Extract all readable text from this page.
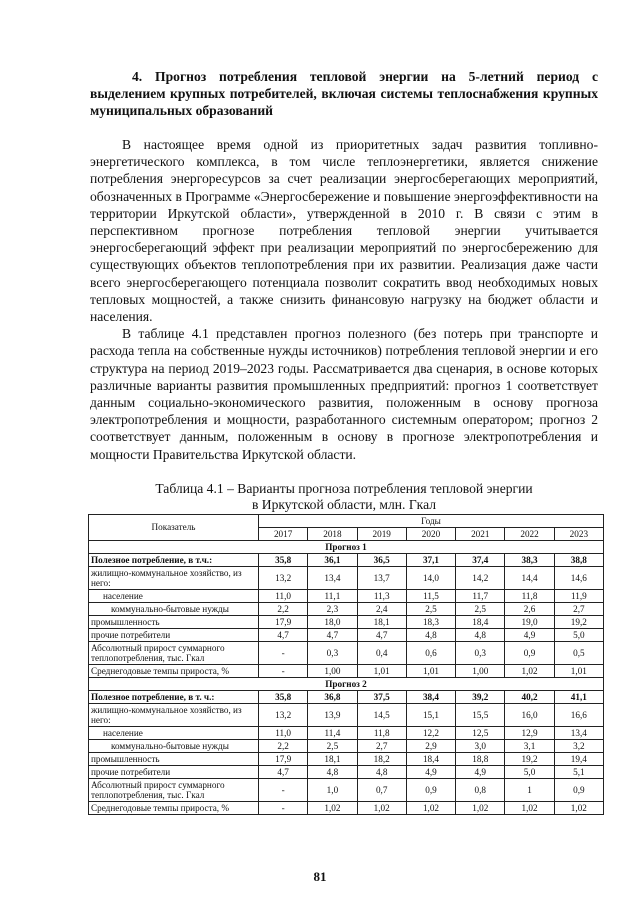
4. Прогноз потребления тепловой энергии на 5-летний период с выделением крупных потребителей, включая системы теплоснабжения крупных муниципальных образований

В настоящее время одной из приоритетных задач развития топливно-энергетического комплекса, в том числе теплоэнергетики, является снижение потребления энергоресурсов за счет реализации энергосберегающих мероприятий, обозначенных в Программе «Энергосбережение и повышение энергоэффективности на территории Иркутской области», утвержденной в 2010 г. В связи с этим в перспективном прогнозе потребления тепловой энергии учитывается энергосберегающий эффект при реализации мероприятий по энергосбережению для существующих объектов теплопотребления при их развитии. Реализация даже части всего энергосберегающего потенциала позволит сократить ввод необходимых новых тепловых мощностей, а также снизить финансовую нагрузку на бюджет области и населения.

В таблице 4.1 представлен прогноз полезного (без потерь при транспорте и расхода тепла на собственные нужды источников) потребления тепловой энергии и его структура на период 2019–2023 годы. Рассматривается два сценария, в основе которых различные варианты развития промышленных предприятий: прогноз 1 соответствует данным социально-экономического развития, положенным в основу прогноза электропотребления и мощности, разработанного системным оператором; прогноз 2 соответствует данным, положенным в основу в прогнозе электропотребления и мощности Правительства Иркутской области.

Таблица 4.1 – Варианты прогноза потребления тепловой энергии
в Иркутской области, млн. Гкал
Показатель	Годы						
	2017	2018	2019	2020	2021	2022	2023
Прогноз 1							
Полезное потребление, в т.ч.:	35,8	36,1	36,5	37,1	37,4	38,3	38,8
жилищно-коммунальное хозяйство, из него:	13,2	13,4	13,7	14,0	14,2	14,4	14,6
население	11,0	11,1	11,3	11,5	11,7	11,8	11,9
коммунально-бытовые нужды	2,2	2,3	2,4	2,5	2,5	2,6	2,7
промышленность	17,9	18,0	18,1	18,3	18,4	19,0	19,2
прочие потребители	4,7	4,7	4,7	4,8	4,8	4,9	5,0
Абсолютный прирост суммарного теплопотребления, тыс. Гкал	-	0,3	0,4	0,6	0,3	0,9	0,5
Среднегодовые темпы прироста, %	-	1,00	1,01	1,01	1,00	1,02	1,01
Прогноз 2							
Полезное потребление, в т. ч.:	35,8	36,8	37,5	38,4	39,2	40,2	41,1
жилищно-коммунальное хозяйство, из него:	13,2	13,9	14,5	15,1	15,5	16,0	16,6
население	11,0	11,4	11,8	12,2	12,5	12,9	13,4
коммунально-бытовые нужды	2,2	2,5	2,7	2,9	3,0	3,1	3,2
промышленность	17,9	18,1	18,2	18,4	18,8	19,2	19,4
прочие потребители	4,7	4,8	4,8	4,9	4,9	5,0	5,1
Абсолютный прирост суммарного теплопотребления, тыс. Гкал	-	1,0	0,7	0,9	0,8	1	0,9
Среднегодовые темпы прироста, %	-	1,02	1,02	1,02	1,02	1,02	1,02
81
